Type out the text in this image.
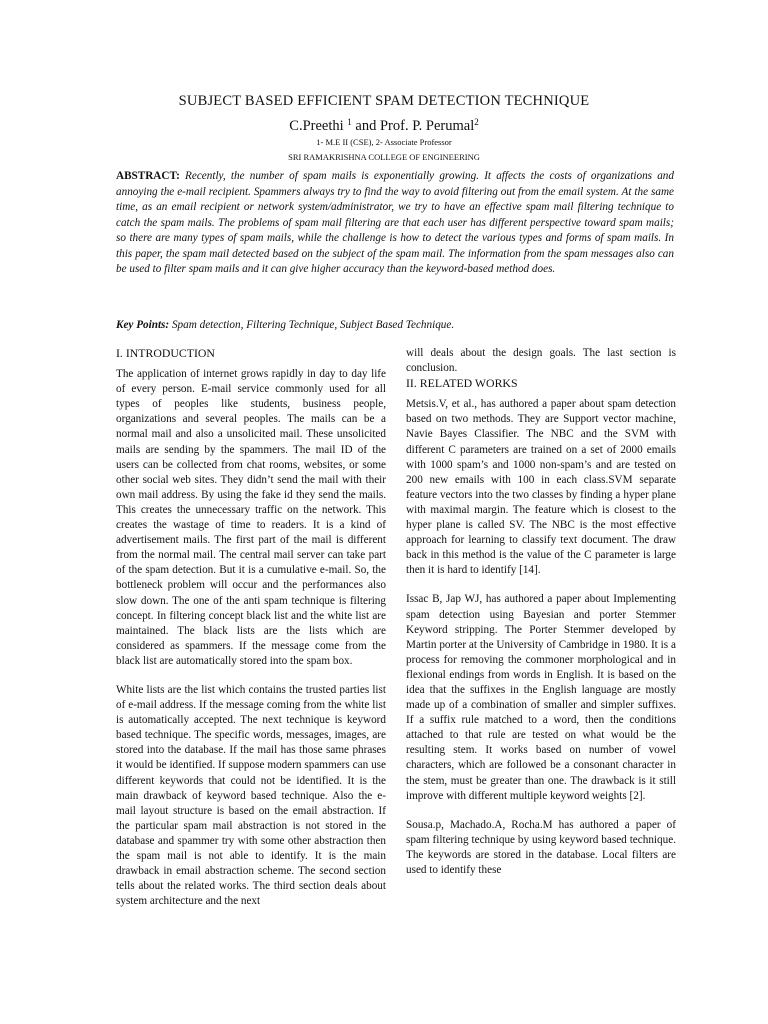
SUBJECT BASED EFFICIENT SPAM DETECTION TECHNIQUE
C.Preethi $^1$ and Prof. P. Perumal$^2$
1- M.E II (CSE), 2- Associate Professor
SRI RAMAKRISHNA COLLEGE OF ENGINEERING
ABSTRACT: Recently, the number of spam mails is exponentially growing. It affects the costs of organizations and annoying the e-mail recipient. Spammers always try to find the way to avoid filtering out from the email system. At the same time, as an email recipient or network system/administrator, we try to have an effective spam mail filtering technique to catch the spam mails. The problems of spam mail filtering are that each user has different perspective toward spam mails; so there are many types of spam mails, while the challenge is how to detect the various types and forms of spam mails. In this paper, the spam mail detected based on the subject of the spam mail. The information from the spam messages also can be used to filter spam mails and it can give higher accuracy than the keyword-based method does.
Key Points: Spam detection, Filtering Technique, Subject Based Technique.

I. INTRODUCTION

The application of internet grows rapidly in day to day life of every person. E-mail service commonly used for all types of peoples like students, business people, organizations and several peoples. The mails can be a normal mail and also a unsolicited mail. These unsolicited mails are sending by the spammers. The mail ID of the users can be collected from chat rooms, websites, or some other social web sites. They didn’t send the mail with their own mail address. By using the fake id they send the mails. This creates the unnecessary traffic on the network. This creates the wastage of time to readers. It is a kind of advertisement mails. The first part of the mail is different from the normal mail. The central mail server can take part of the spam detection. But it is a cumulative e-mail. So, the bottleneck problem will occur and the performances also slow down. The one of the anti spam technique is filtering concept. In filtering concept black list and the white list are maintained. The black lists are the lists which are considered as spammers. If the message come from the black list are automatically stored into the spam box.

White lists are the list which contains the trusted parties list of e-mail address. If the message coming from the white list is automatically accepted. The next technique is keyword based technique. The specific words, messages, images, are stored into the database. If the mail has those same phrases it would be identified. If suppose modern spammers can use different keywords that could not be identified. It is the main drawback of keyword based technique. Also the e-mail layout structure is based on the email abstraction. If the particular spam mail abstraction is not stored in the database and spammer try with some other abstraction then the spam mail is not able to identify. It is the main drawback in email abstraction scheme. The second section tells about the related works. The third section deals about system architecture and the next

will deals about the design goals. The last section is conclusion.

II. RELATED WORKS

Metsis.V, et al., has authored a paper about spam detection based on two methods. They are Support vector machine, Navie Bayes Classifier. The NBC and the SVM with different C parameters are trained on a set of 2000 emails with 1000 spam’s and 1000 non-spam’s and are tested on 200 new emails with 100 in each class.SVM separate feature vectors into the two classes by finding a hyper plane with maximal margin. The feature which is closest to the hyper plane is called SV. The NBC is the most effective approach for learning to classify text document. The draw back in this method is the value of the C parameter is large then it is hard to identify [14].

Issac B, Jap WJ, has authored a paper about Implementing spam detection using Bayesian and porter Stemmer Keyword stripping. The Porter Stemmer developed by Martin porter at the University of Cambridge in 1980. It is a process for removing the commoner morphological and in flexional endings from words in English. It is based on the idea that the suffixes in the English language are mostly made up of a combination of smaller and simpler suffixes. If a suffix rule matched to a word, then the conditions attached to that rule are tested on what would be the resulting stem. It works based on number of vowel characters, which are followed be a consonant character in the stem, must be greater than one. The drawback is it still improve with different multiple keyword weights [2].

Sousa.p, Machado.A, Rocha.M has authored a paper of spam filtering technique by using keyword based technique. The keywords are stored in the database. Local filters are used to identify these
